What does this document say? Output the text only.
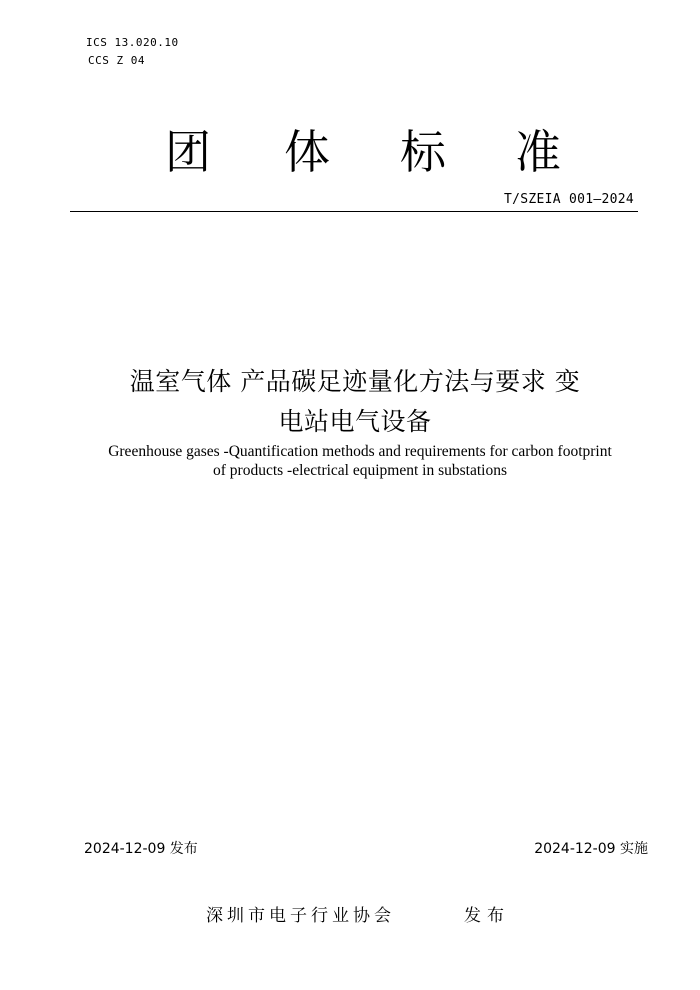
ICS 13.020.10
CCS Z 04
团 体 标 准
T/SZEIA 001—2024
温室气体 产品碳足迹量化方法与要求 变
电站电气设备
Greenhouse gases -Quantification methods and requirements for carbon footprint
of products -electrical equipment in substations
2024-12-09 发布	2024-12-09 实施
深圳市电子行业协会	发布
